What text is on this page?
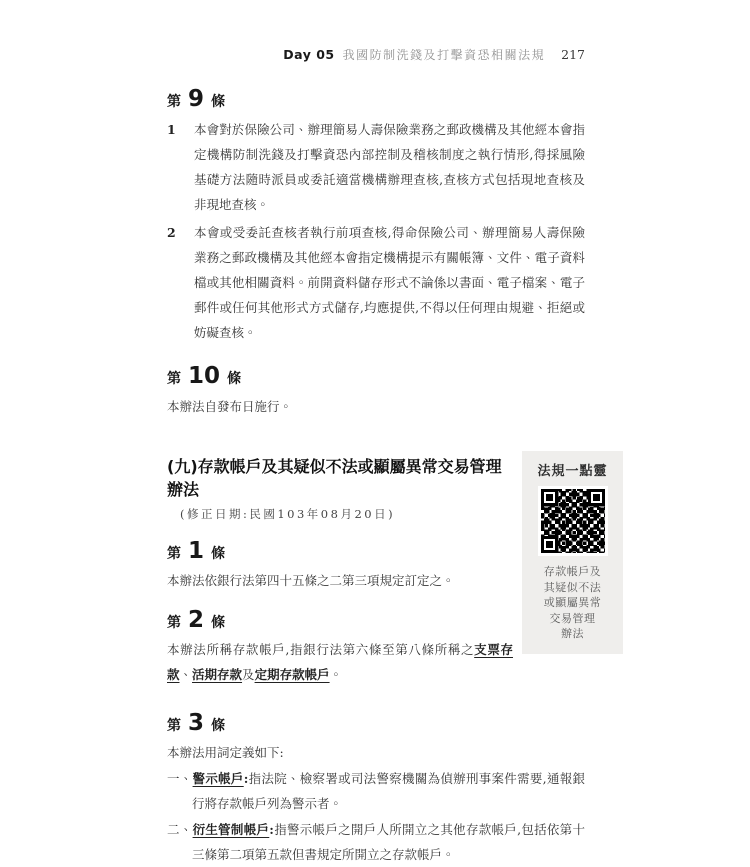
Day 05 我國防制洗錢及打擊資恐相關法規 217
第 9 條
1	本會對於保險公司、辦理簡易人壽保險業務之郵政機構及其他經本會指定機構防制洗錢及打擊資恐內部控制及稽核制度之執行情形,得採風險基礎方法隨時派員或委託適當機構辦理查核,查核方式包括現地查核及非現地查核。
2	本會或受委託查核者執行前項查核,得命保險公司、辦理簡易人壽保險業務之郵政機構及其他經本會指定機構提示有關帳簿、文件、電子資料檔或其他相關資料。前開資料儲存形式不論係以書面、電子檔案、電子郵件或任何其他形式方式儲存,均應提供,不得以任何理由規避、拒絕或妨礙查核。
第 10 條

本辦法自發布日施行。

法規一點靈
存款帳戶及
其疑似不法
或顯屬異常
交易管理
辦法
(九)存款帳戶及其疑似不法或顯屬異常交易管理辦法

(修正日期:民國103年08月20日)

第 1 條

本辦法依銀行法第四十五條之二第三項規定訂定之。

第 2 條

本辦法所稱存款帳戶,指銀行法第六條至第八條所稱之支票存款、活期存款及定期存款帳戶。

第 3 條

本辦法用詞定義如下:

一、警示帳戶:指法院、檢察署或司法警察機關為偵辦刑事案件需要,通報銀行將存款帳戶列為警示者。

二、衍生管制帳戶:指警示帳戶之開戶人所開立之其他存款帳戶,包括依第十三條第二項第五款但書規定所開立之存款帳戶。
